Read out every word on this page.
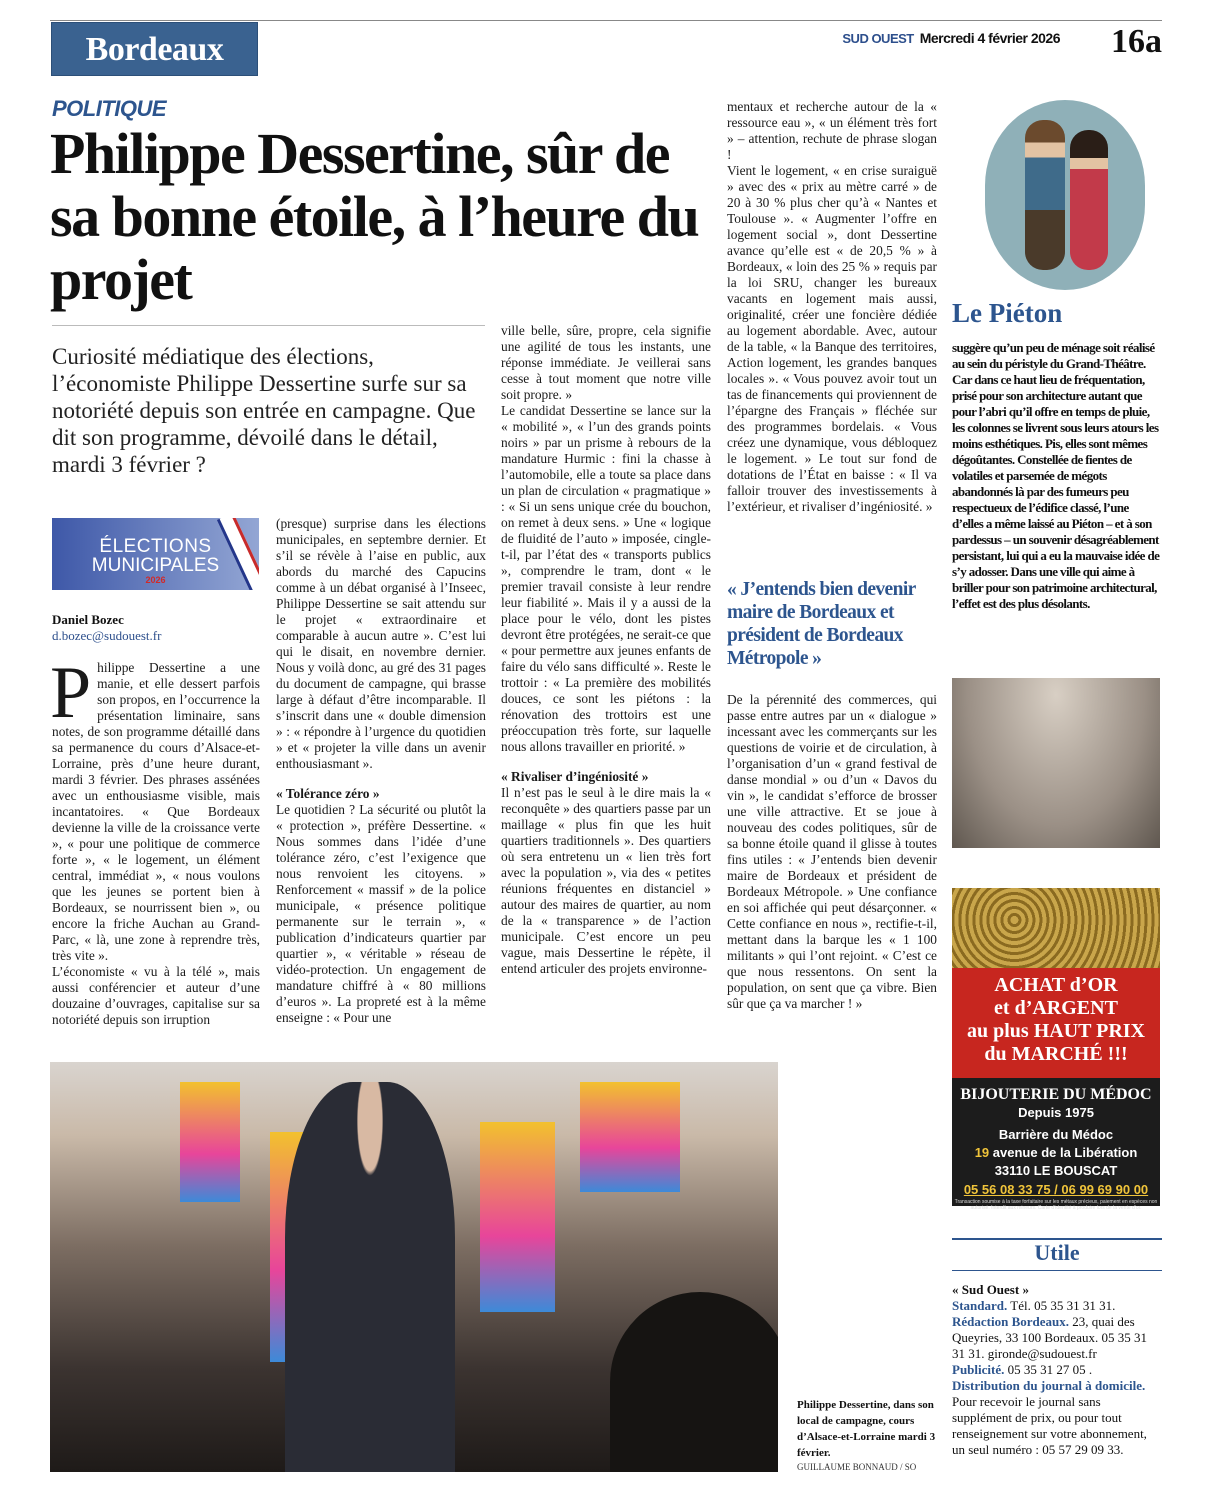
Bordeaux	SUD OUEST Mercredi 4 février 2026 16a
POLITIQUE
Philippe Dessertine, sûr de sa bonne étoile, à l’heure du projet
Curiosité médiatique des élections, l’économiste Philippe Dessertine surfe sur sa notoriété depuis son entrée en campagne. Que dit son programme, dévoilé dans le détail, mardi 3 février ?
ÉLECTIONS
MUNICIPALES
2026
Daniel Bozec
d.bozec@sudouest.fr

Philippe Dessertine a une manie, et elle dessert parfois son propos, en l’occurrence la présentation liminaire, sans notes, de son programme détaillé dans sa permanence du cours d’Alsace-et-Lorraine, près d’une heure durant, mardi 3 février. Des phrases assénées avec un enthousiasme visible, mais incantatoires. « Que Bordeaux devienne la ville de la croissance verte », « pour une politique de commerce forte », « le logement, un élément central, immédiat », « nous voulons que les jeunes se portent bien à Bordeaux, se nourrissent bien », ou encore la friche Auchan au Grand-Parc, « là, une zone à reprendre très, très vite ».

L’économiste « vu à la télé », mais aussi conférencier et auteur d’une douzaine d’ouvrages, capitalise sur sa notoriété depuis son irruption

(presque) surprise dans les élections municipales, en septembre dernier. Et s’il se révèle à l’aise en public, aux abords du marché des Capucins comme à un débat organisé à l’Inseec, Philippe Dessertine se sait attendu sur le projet « extraordinaire et comparable à aucun autre ». C’est lui qui le disait, en novembre dernier. Nous y voilà donc, au gré des 31 pages du document de campagne, qui brasse large à défaut d’être incomparable. Il s’inscrit dans une « double dimension » : « répondre à l’urgence du quotidien » et « projeter la ville dans un avenir enthousiasmant ».

« Tolérance zéro »

Le quotidien ? La sécurité ou plutôt la « protection », préfère Dessertine. « Nous sommes dans l’idée d’une tolérance zéro, c’est l’exigence que nous renvoient les citoyens. » Renforcement « massif » de la police municipale, « présence politique permanente sur le terrain », « publication d’indicateurs quartier par quartier », « véritable » réseau de vidéo-protection. Un engagement de mandature chiffré à « 80 millions d’euros ». La propreté est à la même enseigne : « Pour une

ville belle, sûre, propre, cela signifie une agilité de tous les instants, une réponse immédiate. Je veillerai sans cesse à tout moment que notre ville soit propre. »

Le candidat Dessertine se lance sur la « mobilité », « l’un des grands points noirs » par un prisme à rebours de la mandature Hurmic : fini la chasse à l’automobile, elle a toute sa place dans un plan de circulation « pragmatique » : « Si un sens unique crée du bouchon, on remet à deux sens. » Une « logique de fluidité de l’auto » imposée, cingle-t-il, par l’état des « transports publics », comprendre le tram, dont « le premier travail consiste à leur rendre leur fiabilité ». Mais il y a aussi de la place pour le vélo, dont les pistes devront être protégées, ne serait-ce que « pour permettre aux jeunes enfants de faire du vélo sans difficulté ». Reste le trottoir : « La première des mobilités douces, ce sont les piétons : la rénovation des trottoirs est une préoccupation très forte, sur laquelle nous allons travailler en priorité. »

« Rivaliser d’ingéniosité »

Il n’est pas le seul à le dire mais la « reconquête » des quartiers passe par un maillage « plus fin que les huit quartiers traditionnels ». Des quartiers où sera entretenu un « lien très fort avec la population », via des « petites réunions fréquentes en distanciel » autour des maires de quartier, au nom de la « transparence » de l’action municipale. C’est encore un peu vague, mais Dessertine le répète, il entend articuler des projets environne-

mentaux et recherche autour de la « ressource eau », « un élément très fort » – attention, rechute de phrase slogan !

Vient le logement, « en crise suraiguë » avec des « prix au mètre carré » de 20 à 30 % plus cher qu’à « Nantes et Toulouse ». « Augmenter l’offre en logement social », dont Dessertine avance qu’elle est « de 20,5 % » à Bordeaux, « loin des 25 % » requis par la loi SRU, changer les bureaux vacants en logement mais aussi, originalité, créer une foncière dédiée au logement abordable. Avec, autour de la table, « la Banque des territoires, Action logement, les grandes banques locales ». « Vous pouvez avoir tout un tas de financements qui proviennent de l’épargne des Français » fléchée sur des programmes bordelais. « Vous créez une dynamique, vous débloquez le logement. » Le tout sur fond de dotations de l’État en baisse : « Il va falloir trouver des investissements à l’extérieur, et rivaliser d’ingéniosité. »

« J’entends bien devenir maire de Bordeaux et président de Bordeaux Métropole »

De la pérennité des commerces, qui passe entre autres par un « dialogue » incessant avec les commerçants sur les questions de voirie et de circulation, à l’organisation d’un « grand festival de danse mondial » ou d’un « Davos du vin », le candidat s’efforce de brosser une ville attractive. Et se joue à nouveau des codes politiques, sûr de sa bonne étoile quand il glisse à toutes fins utiles : « J’entends bien devenir maire de Bordeaux et président de Bordeaux Métropole. » Une confiance en soi affichée qui peut désarçonner. « Cette confiance en nous », rectifie-t-il, mettant dans la barque les « 1 100 militants » qui l’ont rejoint. « C’est ce que nous ressentons. On sent la population, on sent que ça vibre. Bien sûr que ça va marcher ! »

Philippe Dessertine, dans son local de campagne, cours d’Alsace-et-Lorraine mardi 3 février.
GUILLAUME BONNAUD / SO
Le Piéton
suggère qu’un peu de ménage soit réalisé au sein du péristyle du Grand-Théâtre. Car dans ce haut lieu de fréquentation, prisé pour son architecture autant que pour l’abri qu’il offre en temps de pluie, les colonnes se livrent sous leurs atours les moins esthétiques. Pis, elles sont mêmes dégoûtantes. Constellée de fientes de volatiles et parsemée de mégots abandonnés là par des fumeurs peu respectueux de l’édifice classé, l’une d’elles a même laissé au Piéton – et à son pardessus – un souvenir désagréablement persistant, lui qui a eu la mauvaise idée de s’y adosser. Dans une ville qui aime à briller pour son patrimoine architectural, l’effet est des plus désolants.
ACHAT d’OR
et d’ARGENT
au plus HAUT PRIX
du MARCHÉ !!!
BIJOUTERIE DU MÉDOC
Depuis 1975
Barrière du Médoc
19 avenue de la Libération
33110 LE BOUSCAT
05 56 08 33 75 / 06 99 69 90 00
Transaction soumise à la taxe forfaitaire sur les métaux précieux, paiement en espèces non autorisé. Interdit aux mineurs. Carte d’identité à produire lors de la vente d’or.
Utile
« Sud Ouest »
Standard. Tél. 05 35 31 31 31.
Rédaction Bordeaux. 23, quai des Queyries, 33 100 Bordeaux. 05 35 31 31 31. gironde@sudouest.fr
Publicité. 05 35 31 27 05 .
Distribution du journal à domicile. Pour recevoir le journal sans supplément de prix, ou pour tout renseignement sur votre abonnement, un seul numéro : 05 57 29 09 33.
